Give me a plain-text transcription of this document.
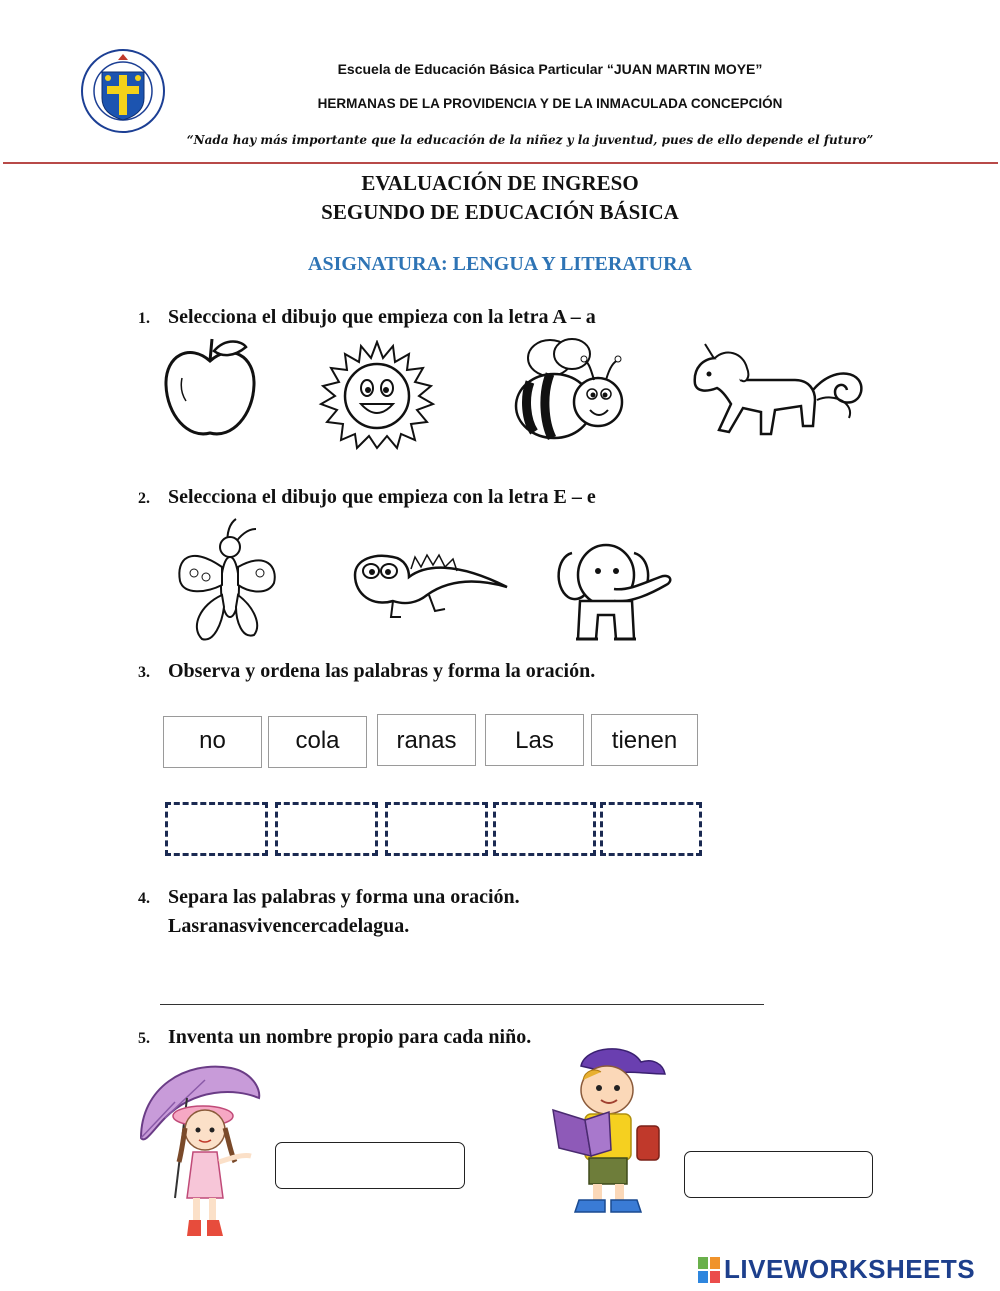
Escuela de Educación Básica Particular “JUAN MARTIN MOYE”
HERMANAS DE LA PROVIDENCIA Y DE LA INMACULADA CONCEPCIÓN
“Nada hay más importante que la educación de la niñez y la juventud, pues de ello depende el futuro”
EVALUACIÓN DE INGRESO
SEGUNDO DE EDUCACIÓN BÁSICA
ASIGNATURA: LENGUA Y LITERATURA
1. Selecciona el dibujo que empieza con la letra A – a
2. Selecciona el dibujo que empieza con la letra E – e
3. Observa y ordena las palabras y forma la oración.
no	cola	ranas	Las	tienen
4. Separa las palabras y forma una oración.
Lasranasvivencercadelagua.
5. Inventa un nombre propio para cada niño.
LIVEWORKSHEETS
